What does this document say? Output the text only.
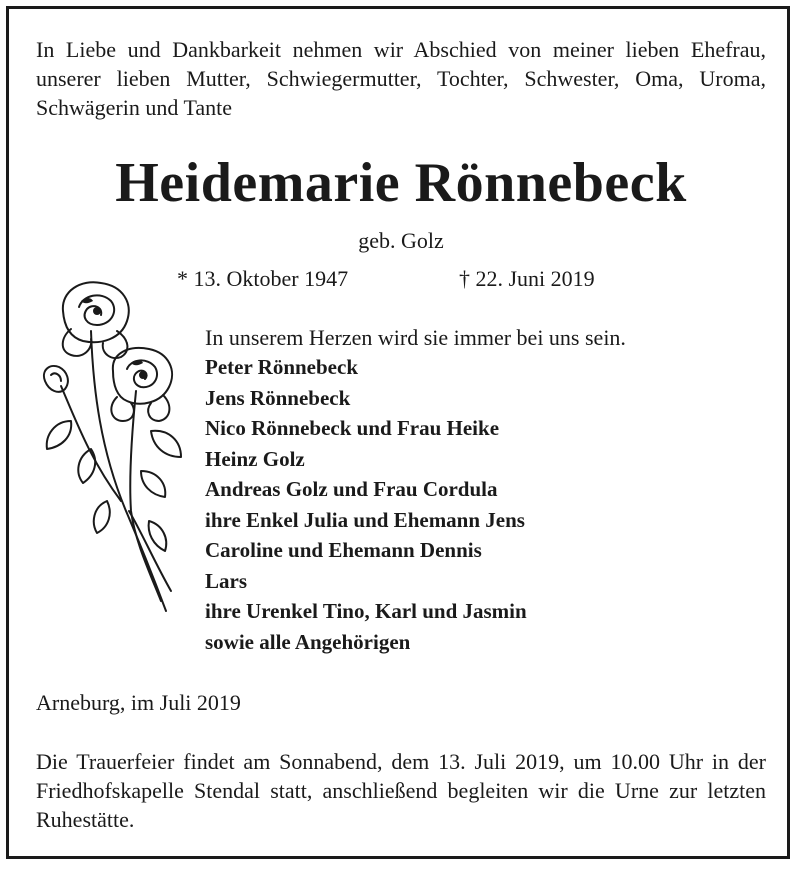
In Liebe und Dankbarkeit nehmen wir Abschied von meiner lieben Ehefrau, unserer lieben Mutter, Schwiegermutter, Tochter, Schwester, Oma, Uroma, Schwägerin und Tante
Heidemarie Rönnebeck
geb. Golz
* 13. Oktober 1947	† 22. Juni 2019
In unserem Herzen wird sie immer bei uns sein.
Peter Rönnebeck
Jens Rönnebeck
Nico Rönnebeck und Frau Heike
Heinz Golz
Andreas Golz und Frau Cordula
ihre Enkel Julia und Ehemann Jens
Caroline und Ehemann Dennis
Lars
ihre Urenkel Tino, Karl und Jasmin
sowie alle Angehörigen
Arneburg, im Juli 2019
Die Trauerfeier findet am Sonnabend, dem 13. Juli 2019, um 10.00 Uhr in der Friedhofskapelle Stendal statt, anschließend begleiten wir die Urne zur letzten Ruhestätte.
